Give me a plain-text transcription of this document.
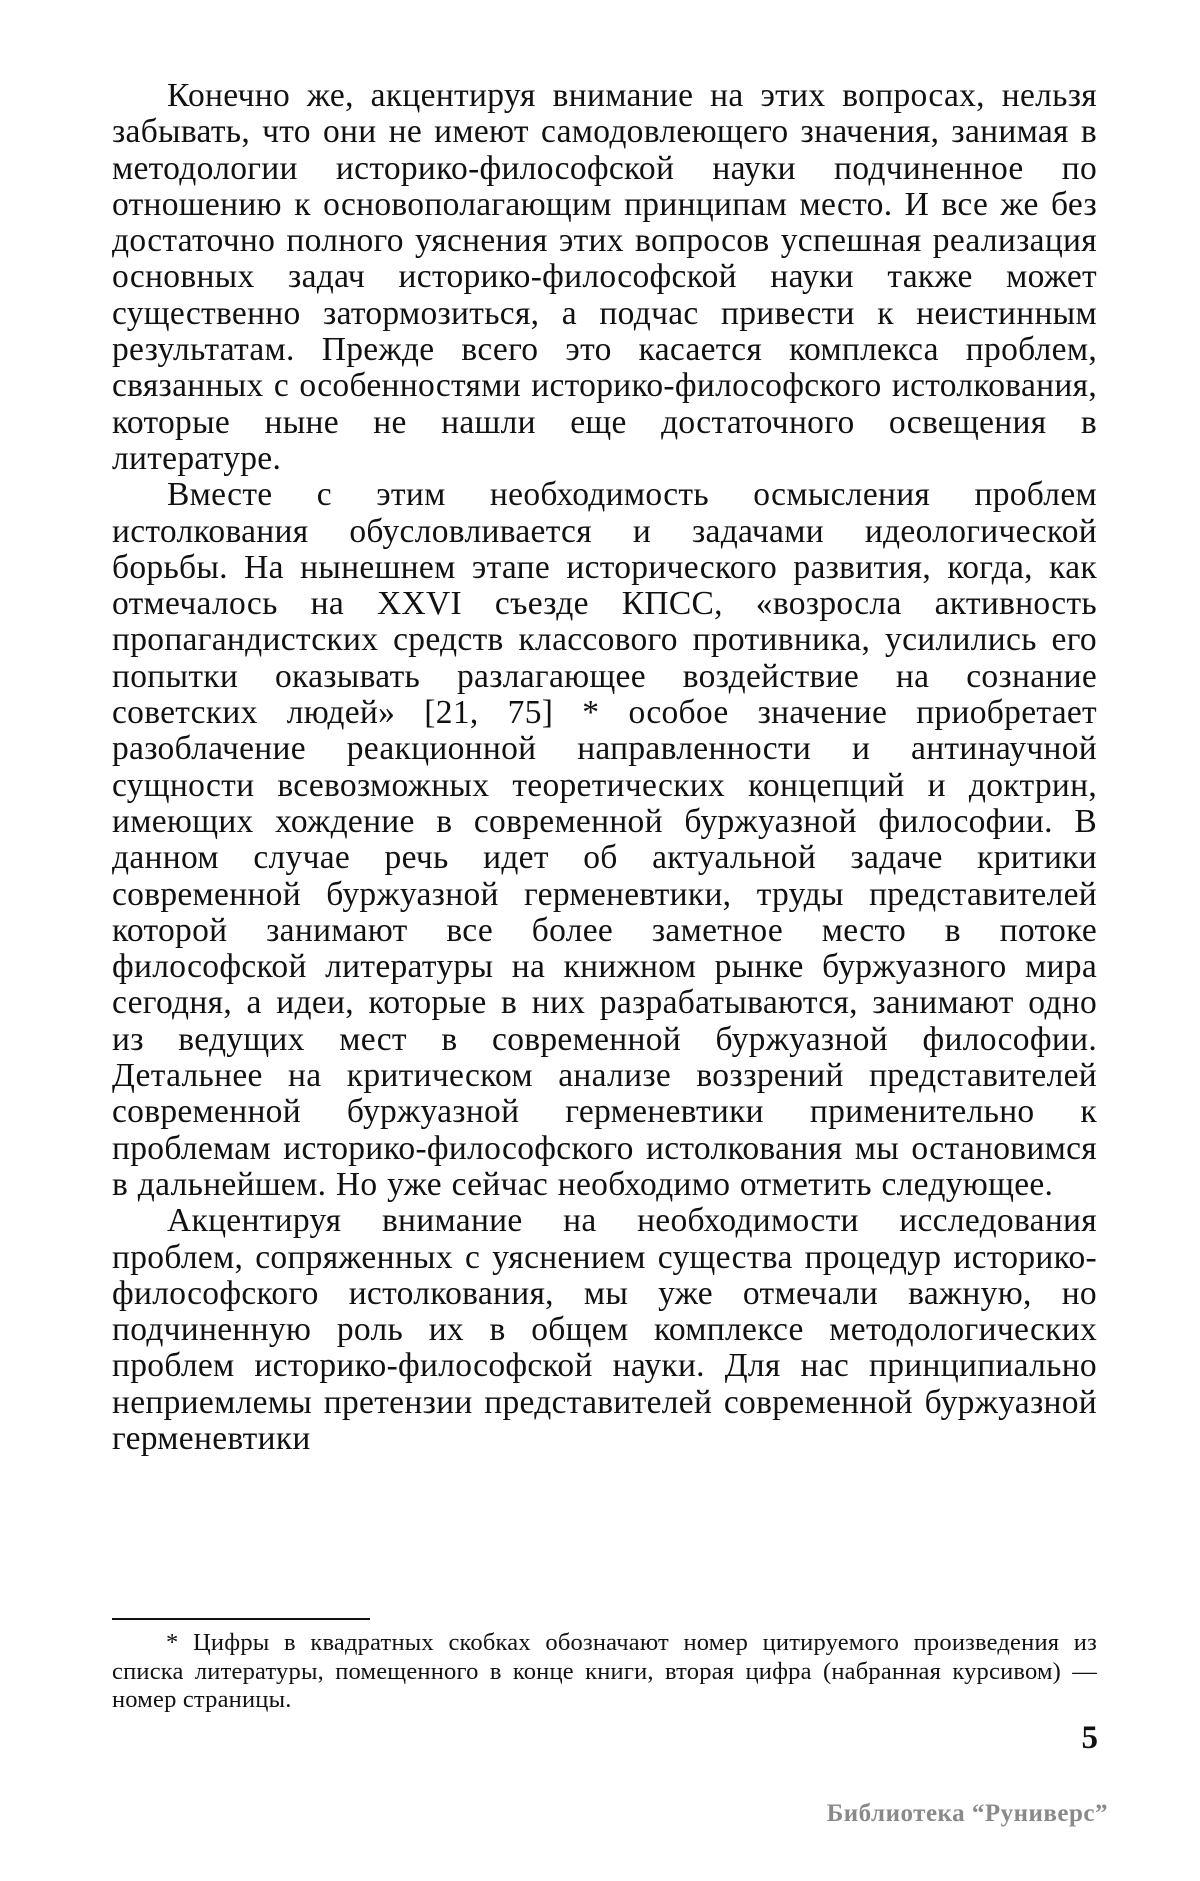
Конечно же, акцентируя внимание на этих вопросах, нельзя забывать, что они не имеют самодовлеющего значения, занимая в методологии историко-философской науки подчиненное по отношению к основополагающим принципам место. И все же без достаточно полного уяснения этих вопросов успешная реализация основных задач историко-философской науки также может существенно затормозиться, а подчас привести к неистинным результатам. Прежде всего это касается комплекса проблем, связанных с особенностями историко-философского истолкования, которые ныне не нашли еще достаточного освещения в литературе.

Вместе с этим необходимость осмысления проблем истолкования обусловливается и задачами идеологической борьбы. На нынешнем этапе исторического развития, когда, как отмечалось на XXVI съезде КПСС, «возросла активность пропагандистских средств классового противника, усилились его попытки оказывать разлагающее воздействие на сознание советских людей» [21, 75] * особое значение приобретает разоблачение реакционной направленности и антинаучной сущности всевозможных теоретических концепций и доктрин, имеющих хождение в современной буржуазной философии. В данном случае речь идет об актуальной задаче критики современной буржуазной герменевтики, труды представителей которой занимают все более заметное место в потоке философской литературы на книжном рынке буржуазного мира сегодня, а идеи, которые в них разрабатываются, занимают одно из ведущих мест в современной буржуазной философии. Детальнее на критическом анализе воззрений представителей современной буржуазной герменевтики применительно к проблемам историко-философского истолкования мы остановимся в дальнейшем. Но уже сейчас необходимо отметить следующее.

Акцентируя внимание на необходимости исследования проблем, сопряженных с уяснением существа процедур историко-философского истолкования, мы уже отмечали важную, но подчиненную роль их в общем комплексе методологических проблем историко-философской науки. Для нас принципиально неприемлемы претензии представителей современной буржуазной герменевтики

* Цифры в квадратных скобках обозначают номер цитируемого произведения из списка литературы, помещенного в конце книги, вторая цифра (набранная курсивом) — номер страницы.

5
Библиотека “Руниверс”
